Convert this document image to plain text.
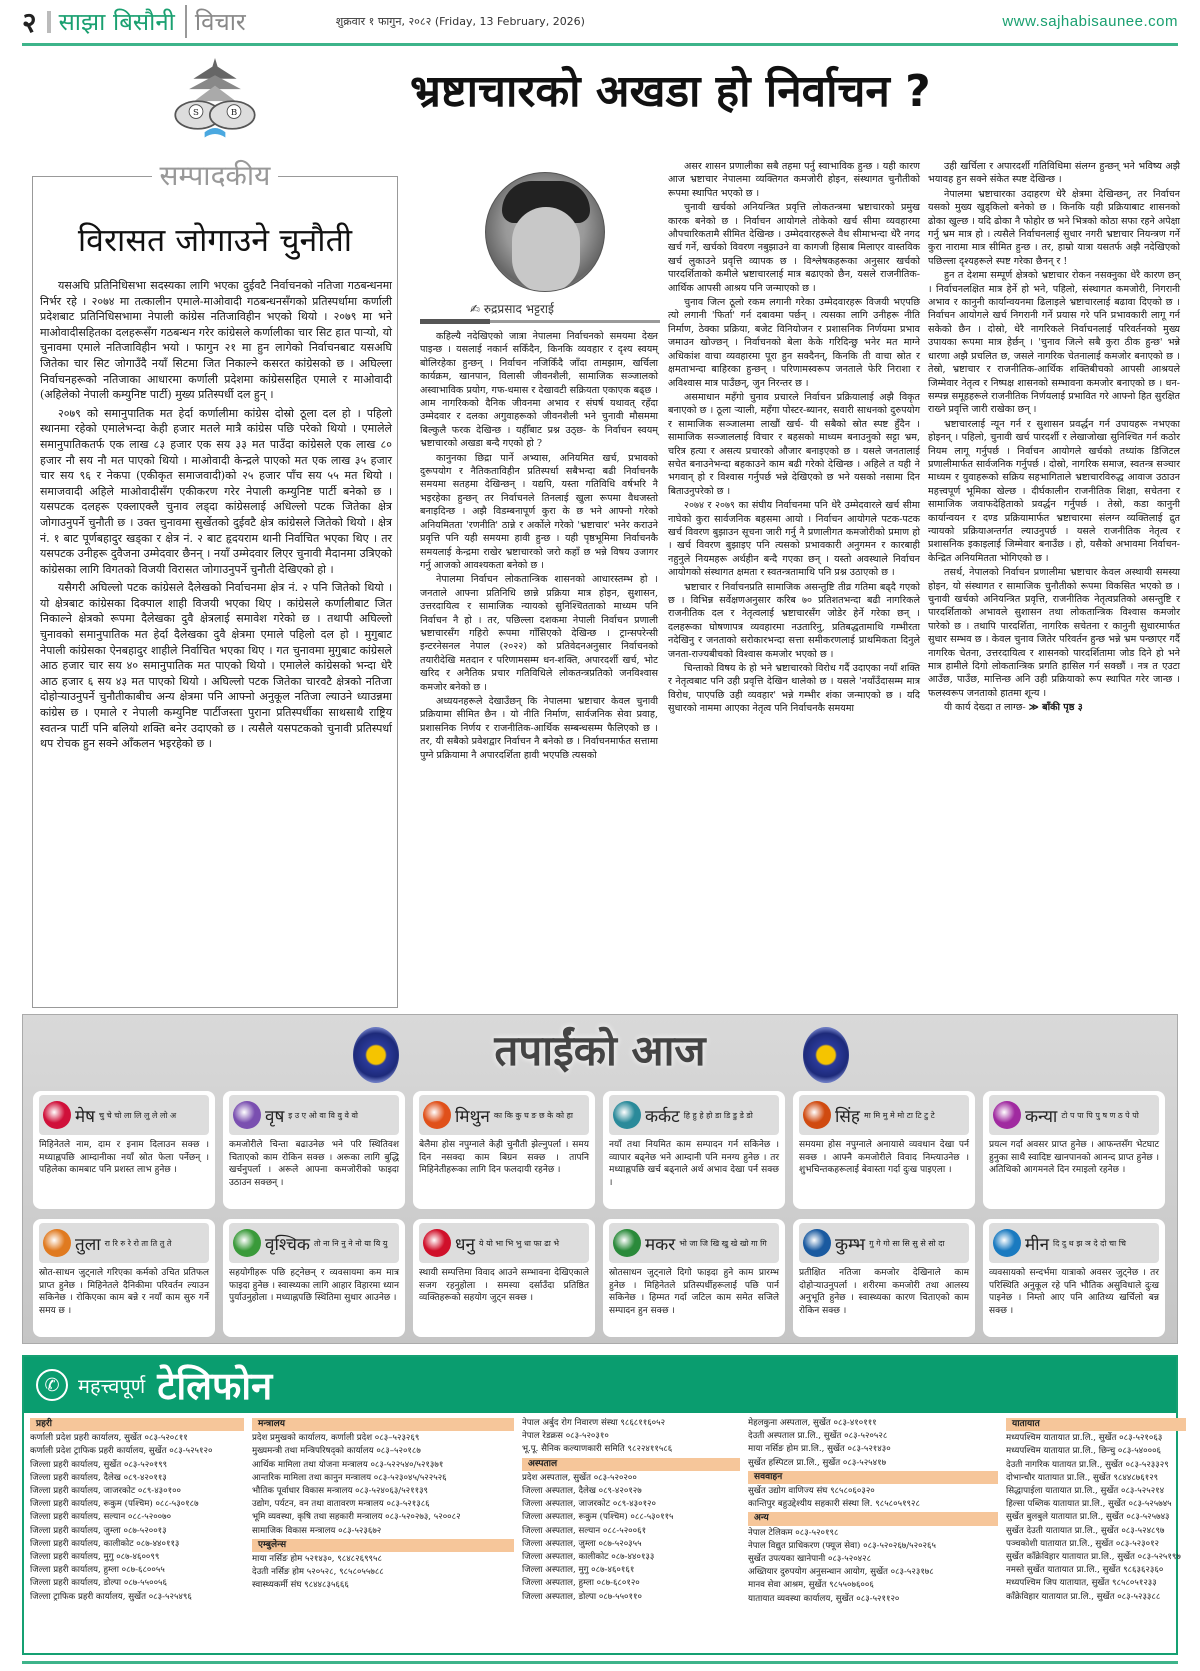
२ साझा बिसौनी विचार	शुक्रवार १ फागुन, २०८२ (Friday, 13 February, 2026)	www.sajhabisaunee.com
S	B
सम्पादकीय
विरासत जोगाउने चुनौती

यसअघि प्रतिनिधिसभा सदस्यका लागि भएका दुईवटै निर्वाचनको नतिजा गठबन्धनमा निर्भर रहे । २०७४ मा तत्कालीन एमाले-माओवादी गठबन्धनसँगको प्रतिस्पर्धामा कर्णाली प्रदेशबाट प्रतिनिधिसभामा नेपाली कांग्रेस नतिजाविहीन भएको थियो । २०७९ मा भने माओवादीसहितका दलहरूसँग गठबन्धन गरेर कांग्रेसले कर्णालीका चार सिट हात पार्‍यो, यो चुनावमा एमाले नतिजाविहीन भयो । फागुन २१ मा हुन लागेको निर्वाचनबाट यसअघि जितेका चार सिट जोगाउँदै नयाँ सिटमा जित निकाल्ने कसरत कांग्रेसको छ । अघिल्ला निर्वाचनहरूको नतिजाका आधारमा कर्णाली प्रदेशमा कांग्रेससहित एमाले र माओवादी (अहिलेको नेपाली कम्युनिष्ट पार्टी) मुख्य प्रतिस्पर्धी दल हुन् ।

२०७९ को समानुपातिक मत हेर्दा कर्णालीमा कांग्रेस दोस्रो ठूला दल हो । पहिलो स्थानमा रहेको एमालेभन्दा केही हजार मतले मात्रै कांग्रेस पछि परेको थियो । एमालेले समानुपातिकतर्फ एक लाख ८३ हजार एक सय ३३ मत पाउँदा कांग्रेसले एक लाख ८० हजार नौ सय नौ मत पाएको थियो । माओवादी केन्द्रले पाएको मत एक लाख ३५ हजार चार सय ९६ र नेकपा (एकीकृत समाजवादी)को २५ हजार पाँच सय ५५ मत थियो । समाजवादी अहिले माओवादीसँग एकीकरण गरेर नेपाली कम्युनिष्ट पार्टी बनेको छ । यसपटक दलहरू एक्लाएक्लै चुनाव लड्दा कांग्रेसलाई अधिल्लो पटक जितेका क्षेत्र जोगाउनुपर्ने चुनौती छ । उक्त चुनावमा सुर्खेतको दुईवटै क्षेत्र कांग्रेसले जितेको थियो । क्षेत्र नं. १ बाट पूर्णबहादुर खड्का र क्षेत्र नं. २ बाट हृदयराम थानी निर्वाचित भएका थिए । तर यसपटक उनीहरू दुवैजना उम्मेदवार छैनन् । नयाँ उम्मेदवार लिएर चुनावी मैदानमा उत्रिएको कांग्रेसका लागि विगतको विजयी विरासत जोगाउनुपर्ने चुनौती देखिएको हो ।

यसैगरी अघिल्लो पटक कांग्रेसले दैलेखको निर्वाचनमा क्षेत्र नं. २ पनि जितेको थियो । यो क्षेत्रबाट कांग्रेसका दिक्पाल शाही विजयी भएका थिए । कांग्रेसले कर्णालीबाट जित निकाल्ने क्षेत्रको रूपमा दैलेखका दुवै क्षेत्रलाई समावेश गरेको छ । तथापी अघिल्लो चुनावको समानुपातिक मत हेर्दा दैलेखका दुवै क्षेत्रमा एमाले पहिलो दल हो । मुगुबाट नेपाली कांग्रेसका ऐनबहादुर शाहीले निर्वाचित भएका थिए । गत चुनावमा मुगुबाट कांग्रेसले आठ हजार चार सय ४० समानुपातिक मत पाएको थियो । एमालेले कांग्रेसको भन्दा धेरै आठ हजार ६ सय ४३ मत पाएको थियो । अघिल्लो पटक जितेका चारवटै क्षेत्रको नतिजा दोहोर्‍याउनुपर्ने चुनौतीकाबीच अन्य क्षेत्रमा पनि आफ्नो अनुकूल नतिजा ल्याउने ध्याउन्नमा कांग्रेस छ । एमाले र नेपाली कम्युनिष्ट पार्टीजस्ता पुराना प्रतिस्पर्धीका साथसाथै राष्ट्रिय स्वतन्त्र पार्टी पनि बलियो शक्ति बनेर उदाएको छ । त्यसैले यसपटकको चुनावी प्रतिस्पर्धा थप रोचक हुन सक्ने आँकलन भइरहेको छ ।

भ्रष्टाचारको अखडा हो निर्वाचन ?
✍ रुद्रप्रसाद भट्टराई

कहिल्यै नदेखिएको जात्रा नेपालमा निर्वाचनको समयमा देख्न पाइन्छ । यसलाई नकार्न सकिँदैन, किनकि व्यवहार र दृश्य स्वयम् बोलिरहेका हुन्छन् । निर्वाचन नजिकिँदै जाँदा तामझाम, खर्चिला कार्यक्रम, खानपान, विलासी जीवनशैली, सामाजिक सञ्जालको अस्वाभाविक प्रयोग, गफ-धमास र देखावटी सक्रियता एकाएक बढ्छ । आम नागरिकको दैनिक जीवनमा अभाव र संघर्ष यथावत् रहँदा उम्मेदवार र दलका अगुवाहरूको जीवनशैली भने चुनावी मौसममा बिल्कुलै फरक देखिन्छ । यहीँबाट प्रश्न उठ्छ- के निर्वाचन स्वयम् भ्रष्टाचारको अखडा बन्दै गएको हो ?

कानुनका छिद्रा पार्ने अभ्यास, अनियमित खर्च, प्रभावको दुरूपयोग र नैतिकताविहीन प्रतिस्पर्धा सबैभन्दा बढी निर्वाचनकै समयमा सतहमा देखिन्छन् । यद्यपि, यस्ता गतिविधि वर्षभरि नै भइरहेका हुन्छन् तर निर्वाचनले तिनलाई खुला रूपमा वैधजस्तो बनाइदिन्छ । अझै विडम्बनापूर्ण कुरा के छ भने आफ्नो गरेको अनियमितता 'रणनीति' ठान्ने र अर्कोले गरेको 'भ्रष्टाचार' भनेर कराउने प्रवृत्ति पनि यही समयमा हावी हुन्छ । यही पृष्ठभूमिमा निर्वाचनकै समयलाई केन्द्रमा राखेर भ्रष्टाचारको जरो कहाँ छ भन्ने विषय उजागर गर्नु आजको आवश्यकता बनेको छ ।

नेपालमा निर्वाचन लोकतान्त्रिक शासनको आधारस्तम्भ हो । जनताले आफ्ना प्रतिनिधि छान्ने प्रक्रिया मात्र होइन, सुशासन, उत्तरदायित्व र सामाजिक न्यायको सुनिश्चितताको माध्यम पनि निर्वाचन नै हो । तर, पछिल्ला दशकमा नेपाली निर्वाचन प्रणाली भ्रष्टाचारसँग गहिरो रूपमा गाँसिएको देखिन्छ । ट्रान्सपरेन्सी इन्टरनेसनल नेपाल (२०२२) को प्रतिवेदनअनुसार निर्वाचनको तयारीदेखि मतदान र परिणामसम्म धन-शक्ति, अपारदर्शी खर्च, भोट खरिद र अनैतिक प्रचार गतिविधिले लोकतन्त्रप्रतिको जनविश्वास कमजोर बनेको छ ।

अध्ययनहरूले देखाउँछन् कि नेपालमा भ्रष्टाचार केवल चुनावी प्रक्रियामा सीमित छैन । यो नीति निर्माण, सार्वजनिक सेवा प्रवाह, प्रशासनिक निर्णय र राजनीतिक-आर्थिक सम्बन्धसम्म फैलिएको छ । तर, यी सबैको प्रवेशद्वार निर्वाचन नै बनेको छ । निर्वाचनमार्फत सत्तामा पुग्ने प्रक्रियामा नै अपारदर्शिता हावी भएपछि त्यसको

असर शासन प्रणालीका सबै तहमा पर्नु स्वाभाविक हुन्छ । यही कारण आज भ्रष्टाचार नेपालमा व्यक्तिगत कमजोरी होइन, संस्थागत चुनौतीको रूपमा स्थापित भएको छ ।

चुनावी खर्चको अनियन्त्रित प्रवृत्ति लोकतन्त्रमा भ्रष्टाचारको प्रमुख कारक बनेको छ । निर्वाचन आयोगले तोकेको खर्च सीमा व्यवहारमा औपचारिकतामै सीमित देखिन्छ । उम्मेदवारहरूले वैध सीमाभन्दा धेरै नगद खर्च गर्ने, खर्चको विवरण नबुझाउने वा कागजी हिसाब मिलाएर वास्तविक खर्च लुकाउने प्रवृत्ति व्यापक छ । विश्लेषकहरूका अनुसार खर्चको पारदर्शिताको कमीले भ्रष्टाचारलाई मात्र बढाएको छैन, यसले राजनीतिक-आर्थिक आपसी आश्रय पनि जन्माएको छ ।

चुनाव जित्न ठूलो रकम लगानी गरेका उम्मेदवारहरू विजयी भएपछि त्यो लगानी 'फिर्ता' गर्न दबावमा पर्छन् । त्यसका लागि उनीहरू नीति निर्माण, ठेक्का प्रक्रिया, बजेट विनियोजन र प्रशासनिक निर्णयमा प्रभाव जमाउन खोज्छन् । निर्वाचनको बेला केके गरिदिन्छु भनेर मत माग्ने अधिकांश वाचा व्यवहारमा पूरा हुन सक्दैनन्, किनकि ती वाचा स्रोत र क्षमताभन्दा बाहिरका हुन्छन् । परिणामस्वरूप जनताले फेरि निराशा र अविश्वास मात्र पाउँछन्, जुन निरन्तर छ ।

असमाधान महँगो चुनाव प्रचारले निर्वाचन प्रक्रियालाई अझै विकृत बनाएको छ । ठूला र्‍याली, महँगा पोस्टर-ब्यानर, सवारी साधनको दुरुपयोग र सामाजिक सञ्जालमा लाखौं खर्च- यी सबैको स्रोत स्पष्ट हुँदैन । सामाजिक सञ्जाललाई विचार र बहसको माध्यम बनाउनुको सट्टा भ्रम, चरित्र हत्या र असत्य प्रचारको औजार बनाइएको छ । यसले जनतालाई सचेत बनाउनेभन्दा बहकाउने काम बढी गरेको देखिन्छ । अहिले त यही ने भगवान् हो र विश्वास गर्नुपर्छ भन्ने देखिएको छ भने यसको नसामा दिन बिताउनुपरेको छ ।

२०७४ र २०७९ का संघीय निर्वाचनमा पनि धेरै उम्मेदवारले खर्च सीमा नाघेको कुरा सार्वजनिक बहसमा आयो । निर्वाचन आयोगले पटक-पटक खर्च विवरण बुझाउन सूचना जारी गर्नु नै प्रणालीगत कमजोरीको प्रमाण हो । खर्च विवरण बुझाइए पनि त्यसको प्रभावकारी अनुगमन र कारबाही नहुनुले नियमहरू अर्थहीन बन्दै गएका छन् । यस्तो अवस्थाले निर्वाचन आयोगको संस्थागत क्षमता र स्वतन्त्रतामाथि पनि प्रश्न उठाएको छ ।

भ्रष्टाचार र निर्वाचनप्रति सामाजिक असन्तुष्टि तीव्र गतिमा बढ्दै गएको छ । विभिन्न सर्वेक्षणअनुसार करिब ७० प्रतिशतभन्दा बढी नागरिकले राजनीतिक दल र नेतृत्वलाई भ्रष्टाचारसँग जोडेर हेर्ने गरेका छन् । दलहरूका घोषणापत्र व्यवहारमा नउतारिनु, प्रतिबद्धतामाथि गम्भीरता नदेखिनु र जनताको सरोकारभन्दा सत्ता समीकरणलाई प्राथमिकता दिनुले जनता-राज्यबीचको विश्वास कमजोर भएको छ ।

चिन्ताको विषय के हो भने भ्रष्टाचारको विरोध गर्दै उदाएका नयाँ शक्ति र नेतृत्वबाट पनि उही प्रवृत्ति देखिन थालेको छ । यसले 'नयाँउँदासम्म मात्र विरोध, पाएपछि उही व्यवहार' भन्ने गम्भीर शंका जन्माएको छ । यदि सुधारको नाममा आएका नेतृत्व पनि निर्वाचनकै समयमा

उही खर्चिला र अपारदर्शी गतिविधिमा संलग्न हुन्छन् भने भविष्य अझै भयावह हुन सक्ने संकेत स्पष्ट देखिन्छ ।

नेपालमा भ्रष्टाचारका उदाहरण धेरै क्षेत्रमा देखिन्छन्, तर निर्वाचन यसको मुख्य खुड्किलो बनेको छ । किनकि यही प्रक्रियाबाट शासनको ढोका खुल्छ । यदि ढोका नै फोहोर छ भने भित्रको कोठा सफा रहने अपेक्षा गर्नु भ्रम मात्र हो । त्यसैले निर्वाचनलाई सुधार नगरी भ्रष्टाचार नियन्त्रण गर्ने कुरा नारामा मात्र सीमित हुन्छ । तर, हाम्रो यात्रा यसतर्फ अझै नदेखिएको पछिल्ला दृश्यहरूले स्पष्ट गरेका छैनन् र !

हुन त देशमा सम्पूर्ण क्षेत्रको भ्रष्टाचार रोकन नसक्नुका धेरै कारण छन् । निर्वाचनलक्षित मात्र हेर्ने हो भने, पहिलो, संस्थागत कमजोरी, निगरानी अभाव र कानुनी कार्यान्वयनमा ढिलाइले भ्रष्टाचारलाई बढावा दिएको छ । निर्वाचन आयोगले खर्च निगरानी गर्ने प्रयास गरे पनि प्रभावकारी लागू गर्न सकेको छैन । दोस्रो, धेरै नागरिकले निर्वाचनलाई परिवर्तनको मुख्य उपायका रूपमा मात्र हेर्छन् । 'चुनाव जित्ने सबै कुरा ठीक हुन्छ' भन्ने धारणा अझै प्रचलित छ, जसले नागरिक चेतनालाई कमजोर बनाएको छ । तेस्रो, भ्रष्टाचार र राजनीतिक-आर्थिक शक्तिबीचको आपसी आश्रयले जिम्मेवार नेतृत्व र निष्पक्ष शासनको सम्भावना कमजोर बनाएको छ । धन-सम्पन्न समूहहरूले राजनीतिक निर्णयलाई प्रभावित गरे आफ्नो हित सुरक्षित राख्ने प्रवृत्ति जारी राखेका छन् ।

भ्रष्टाचारलाई न्यून गर्न र सुशासन प्रवर्द्धन गर्न उपायहरू नभएका होइनन् । पहिलो, चुनावी खर्च पारदर्शी र लेखाजोखा सुनिश्चित गर्न कठोर नियम लागू गर्नुपर्छ । निर्वाचन आयोगले खर्चको तथ्यांक डिजिटल प्रणालीमार्फत सार्वजनिक गर्नुपर्छ । दोस्रो, नागरिक समाज, स्वतन्त्र सञ्चार माध्यम र युवाहरूको सक्रिय सहभागिताले भ्रष्टाचारविरुद्ध आवाज उठाउन महत्त्वपूर्ण भूमिका खेल्छ । दीर्घकालीन राजनीतिक शिक्षा, सचेतना र सामाजिक जवाफदेहिताको प्रवर्द्धन गर्नुपर्छ । तेस्रो, कडा कानुनी कार्यान्वयन र दण्ड प्रक्रियामार्फत भ्रष्टाचारमा संलग्न व्यक्तिलाई द्रुत न्यायको प्रक्रियाअन्तर्गत ल्याउनुपर्छ । यसले राजनीतिक नेतृत्व र प्रशासनिक इकाइलाई जिम्मेवार बनाउँछ । हो, यसैको अभावमा निर्वाचन-केन्द्रित अनियमितता भोगिएको छ ।

तसर्थ, नेपालको निर्वाचन प्रणालीमा भ्रष्टाचार केवल अस्थायी समस्या होइन, यो संस्थागत र सामाजिक चुनौतीको रूपमा विकसित भएको छ । चुनावी खर्चको अनियन्त्रित प्रवृत्ति, राजनीतिक नेतृत्वप्रतिको असन्तुष्टि र पारदर्शिताको अभावले सुशासन तथा लोकतान्त्रिक विश्वास कमजोर पारेको छ । तथापि पारदर्शिता, नागरिक सचेतना र कानुनी सुधारमार्फत सुधार सम्भव छ । केवल चुनाव जितेर परिवर्तन हुन्छ भन्ने भ्रम पन्छाएर गर्दै नागरिक चेतना, उत्तरदायित्व र शासनको पारदर्शितामा जोड दिने हो भने मात्र हामीले दिगो लोकतान्त्रिक प्रगति हासिल गर्न सक्छौं । नत्र त एउटा आउँछ, पाउँछ, मात्तिन्छ अनि उही प्रक्रियाको रूप स्थापित गरेर जान्छ । फलस्वरूप जनताको हातमा शून्य ।

यी कार्य देख्दा त लाग्छ- ≫ बाँकी पृष्ठ ३

तपाईंको आज
मेष चु चे चो ला लि लु ले लो अ
मिहिनेतले नाम, दाम र इनाम दिलाउन सक्छ । मध्याह्नपछि आम्दानीका नयाँ स्रोत फेला पर्नेछन् । पहिलेका कामबाट पनि प्रशस्त लाभ हुनेछ ।
वृष इ उ ए ओ वा वि वु वे वो
कमजोरीले चिन्ता बढाउनेछ भने परि स्थितिवश चिताएको काम रोकिन सक्छ । अरूका लागि बुद्धि खर्चनुपर्ला । अरूले आफ्ना कमजोरीको फाइदा उठाउन सक्छन् ।
मिथुन का कि कु घ ङ छ के को हा
बेलैमा होस नपुग्नाले केही चुनौती झेल्नुपर्ला । समय दिन नसक्दा काम बिग्रन सक्छ । तापनि मिहिनेतीहरूका लागि दिन फलदायी रहनेछ ।
कर्कट हि हु हे हो डा डि डु डे डो
नयाँ तथा नियमित काम सम्पादन गर्न सकिनेछ । व्यापार बढ्नेछ भने आम्दानी पनि मनग्य हुनेछ । तर मध्याह्नपछि खर्च बढ्नाले अर्थ अभाव देखा पर्न सक्छ ।
सिंह मा मि मु मे मो टा टि टु टे
समयमा होस नपुग्नाले अनायासे व्यवधान देखा पर्न सक्छ । आफ्नै कमजोरीले विवाद निम्त्याउनेछ । शुभचिन्तकहरूलाई बेवास्ता गर्दा दुःख पाइएला ।
कन्या टो प पा पि पु ष ण ठ पे पो
प्रयत्न गर्दा अवसर प्राप्त हुनेछ । आफन्तसँग भेटघाट हुनुका साथै स्वादिष्ट खानपानको आनन्द प्राप्त हुनेछ । अतिथिको आगमनले दिन रमाइलो रहनेछ ।
तुला रा रि रु रे रो ता ति तु ते
स्रोत-साधन जुट्नाले गरिएका कर्मको उचित प्रतिफल प्राप्त हुनेछ । मिहिनेतले दैनिकीमा परिवर्तन ल्याउन सकिनेछ । रोकिएका काम बन्ने र नयाँ काम सुरु गर्ने समय छ ।
वृश्चिक तो ना नि नु ने नो या यि यु
सहयोगीहरू पछि हट्नेछन् र व्यवसायमा कम मात्र फाइदा हुनेछ । स्वास्थ्यका लागि आहार विहारमा ध्यान पुर्याउनुहोला । मध्याह्नपछि स्थितिमा सुधार आउनेछ ।
धनु ये यो भा भि भु धा फा ढा भे
स्थायी सम्पत्तिमा विवाद आउने सम्भावना देखिएकाले सजग रहनुहोला । समस्या दर्साउँदा प्रतिष्ठित व्यक्तिहरूको सहयोग जुट्न सक्छ ।
मकर भो जा जि खि खु खे खो गा गि
स्रोतसाधन जुट्नाले दिगो फाइदा हुने काम प्रारम्भ हुनेछ । मिहिनेतले प्रतिस्पर्धीहरूलाई पछि पार्न सकिनेछ । हिम्मत गर्दा जटिल काम समेत सजिले सम्पादन हुन सक्छ ।
कुम्भ गु गे गो सा सि सु से सो दा
प्रतीक्षित नतिजा कमजोर देखिनाले काम दोहोर्‍याउनुपर्ला । शरीरमा कमजोरी तथा आलस्य अनुभूति हुनेछ । स्वास्थ्यका कारण चिताएको काम रोकिन सक्छ ।
मीन दि दु थ झ ञ दे दो चा चि
व्यवसायको सन्दर्भमा यात्राको अवसर जुट्नेछ । तर परिस्थिति अनुकूल रहे पनि भौतिक असुविधाले दुःख पाइनेछ । निम्तो आए पनि आतिथ्य खर्चिलो बन्न सक्छ ।
✆ महत्त्वपूर्ण टेलिफोन
प्रहरी
कर्णाली प्रदेश प्रहरी कार्यालय, सुर्खेत ०८३-५२०८११
कर्णाली प्रदेश ट्राफिक प्रहरी कार्यालय, सुर्खेत ०८३-५२५१२०
जिल्ला प्रहरी कार्यालय, सुर्खेत ०८३-५२०१९९
जिल्ला प्रहरी कार्यालय, दैलेख ०८९-४२०११३
जिल्ला प्रहरी कार्यालय, जाजरकोट ०८९-४३०१००
जिल्ला प्रहरी कार्यालय, रूकुम (पश्चिम) ०८८-५३०१८७
जिल्ला प्रहरी कार्यालय, सल्यान ०८८-५२००७०
जिल्ला प्रहरी कार्यालय, जुम्ला ०८७-५२००१३
जिल्ला प्रहरी कार्यालय, कालीकोट ०८७-४४०११३
जिल्ला प्रहरी कार्यालय, मुगु ०८७-४६००९९
जिल्ला प्रहरी कार्यालय, हुम्ला ०८७-६८००५५
जिल्ला प्रहरी कार्यालय, डोल्पा ०८७-५५००५६
जिल्ला ट्राफिक प्रहरी कार्यालय, सुर्खेत ०८३-५२५४९६
मन्त्रालय
प्रदेश प्रमुखको कार्यालय, कर्णाली प्रदेश ०८३–५२३२६९
मुख्यमन्त्री तथा मन्त्रिपरिषद्को कार्यालय ०८३–५२०१८७
आर्थिक मामिला तथा योजना मन्त्रालय ०८३-५२२५४०/५२१३७१
आन्तरिक मामिला तथा कानुन मन्त्रालय ०८३-५२३०४५/५२२५२६
भौतिक पूर्वाधार विकास मन्त्रालय ०८३-५२४०६३/५२११३९
उद्योग, पर्यटन, वन तथा वातावरण मन्त्रालय ०८३-५२१३८६
भूमि व्यवस्था, कृषि तथा सहकारी मन्त्रालय ०८३-५२०२७३, ५२००८२
सामाजिक विकास मन्त्रालय ०८३-५२३६७२
एम्बुलेन्स
माया नर्सिङ होम ५२१४३०, ९८४८२६९९५८
देउती नर्सिङ होम ५२०५२८, ९८५८०५५७८८
स्वास्थ्यकर्मी संघ ९८४४८३५६६६
नेपाल अर्बुद रोग निवारण संस्था ९८६८११६०५२
नेपाल रेडक्रस ०८३-५२०३१०
भू.पू. सैनिक कल्याणकारी समिति ९८२२४११५८६
अस्पताल
प्रदेश अस्पताल, सुर्खेत ०८३-५२०२००
जिल्ला अस्पताल, दैलेख ०८९-४२०१२७
जिल्ला अस्पताल, जाजरकोट ०८९-४३०१२०
जिल्ला अस्पताल, रूकुम (पश्चिम) ०८८-५३०११५
जिल्ला अस्पताल, सल्यान ०८८-५२००६१
जिल्ला अस्पताल, जुम्ला ०८७-५२०३५५
जिल्ला अस्पताल, कालीकोट ०८७-४४०१३३
जिल्ला अस्पताल, मुगु ०८७-४६०१६१
जिल्ला अस्पताल, हुम्ला ०८७-६८०१२०
जिल्ला अस्पताल, डोल्पा ०८७-५५०११०
मेहलकुना अस्पताल, सुर्खेत ०८३-४१०१११
देउती अस्पताल प्रा.लि., सुर्खेत ०८३-५२०५२८
माया नर्सिङ होम प्रा.लि., सुर्खेत ०८३-५२१४३०
सुर्खेत हस्पिटल प्रा.लि., सुर्खेत ०८३-५२५४१७
सववाहन
सुर्खेत उद्योग वाणिज्य संघ ९८५८०६०३२०
कान्तिपुर बहुउद्देश्यीय सहकारी संस्था लि. ९८५८०५१९२८
अन्य
नेपाल टेलिकम ०८३-५२०१९८
नेपाल विद्युत प्राधिकरण (फ्यूज सेवा) ०८३-५२०२६७/५२०२६५
सुर्खेत उपत्यका खानेपानी ०८३-५२०४२८
अख्तियार दुरुपयोग अनुसन्धान आयोग, सुर्खेत ०८३-५२३१७८
मानव सेवा आश्रम, सुर्खेत ९८५५०७६००६
यातायात व्यवस्था कार्यालय, सुर्खेत ०८३-५२११२०
यातायात
मध्यपश्चिम यातायात प्रा.लि., सुर्खेत ०८३-५२१०६३
मध्यपश्चिम यातायात प्रा.लि., छिन्चु ०८३-५४०००६
देउती नागरिक यातायत प्रा.लि., सुर्खेत ०८३-५२३३२९
दोभान्चौर यातायात प्रा.लि., सुर्खेत ९८४४८७६१२९
सिद्धापाईला यातायात प्रा.लि., सुर्खेत ०८३-५२५२१४
हिल्सा पब्लिक यातायात प्रा.लि., सुर्खेत ०८३-५२५७४५
सुर्खेत बुलबुले यातायात प्रा.लि., सुर्खेत ०८३-५२५७४३
सुर्खेत देउती यातायात प्रा.लि., सुर्खेत ०८३-५२४८९७
पञ्चकोशी यातायात प्रा.लि., सुर्खेत ०८३-५२३०१२
सुर्खेत काँक्रेविहार यातायात प्रा.लि., सुर्खेत ०८३-५२५१९७
नमस्ते सुर्खेत यातायात प्रा.लि., सुर्खेत ९८६३६२३६०
मध्यपश्चिम जिप यातायात, सुर्खेत ९८५८०५१२३३
काँक्रेविहार यातायात प्रा.लि., सुर्खेत ०८३-५२३३८८
